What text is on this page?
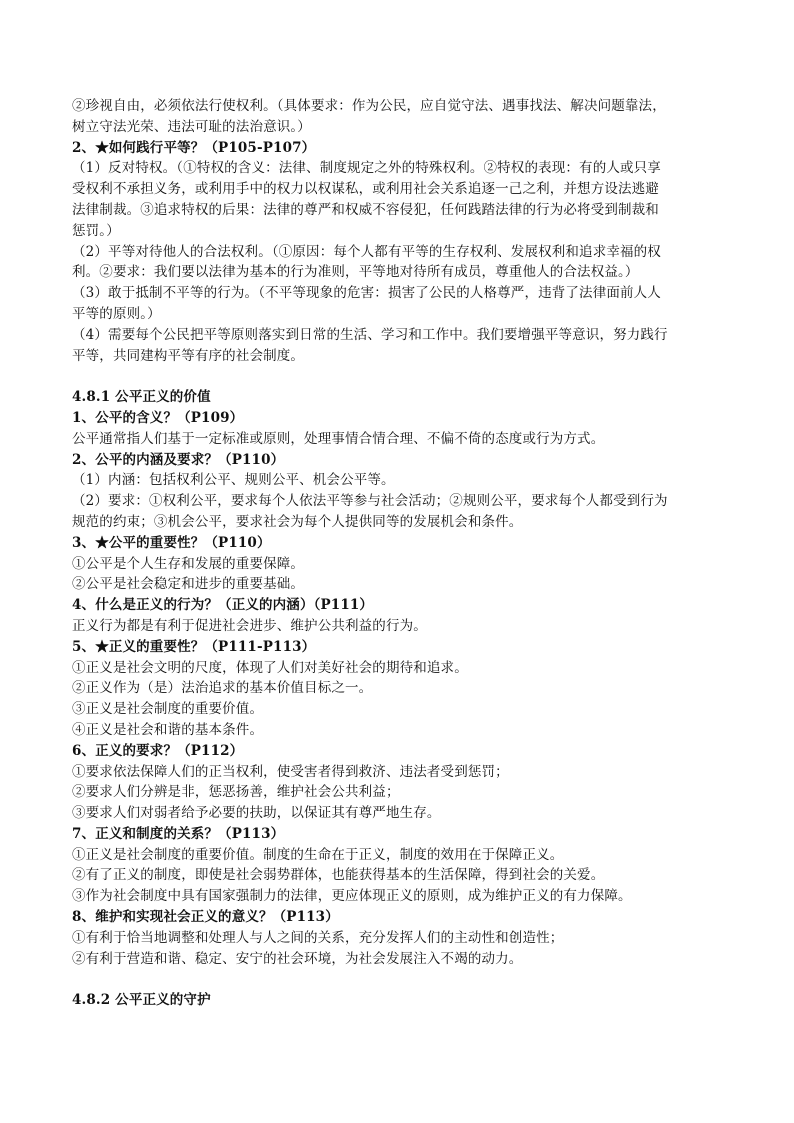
②珍视自由，必须依法行使权利。（具体要求：作为公民，应自觉守法、遇事找法、解决问题靠法，
树立守法光荣、违法可耻的法治意识。）
2、★如何践行平等？（P105-P107）
（1）反对特权。（①特权的含义：法律、制度规定之外的特殊权利。②特权的表现：有的人或只享
受权利不承担义务，或利用手中的权力以权谋私，或利用社会关系追逐一己之利，并想方设法逃避
法律制裁。③追求特权的后果：法律的尊严和权威不容侵犯，任何践踏法律的行为必将受到制裁和
惩罚。）
（2）平等对待他人的合法权利。（①原因：每个人都有平等的生存权利、发展权利和追求幸福的权
利。②要求：我们要以法律为基本的行为准则，平等地对待所有成员，尊重他人的合法权益。）
（3）敢于抵制不平等的行为。（不平等现象的危害：损害了公民的人格尊严，违背了法律面前人人
平等的原则。）
（4）需要每个公民把平等原则落实到日常的生活、学习和工作中。我们要增强平等意识，努力践行
平等，共同建构平等有序的社会制度。
4.8.1 公平正义的价值
1、公平的含义？（P109）
公平通常指人们基于一定标准或原则，处理事情合情合理、不偏不倚的态度或行为方式。
2、公平的内涵及要求？（P110）
（1）内涵：包括权利公平、规则公平、机会公平等。
（2）要求：①权利公平，要求每个人依法平等参与社会活动；②规则公平，要求每个人都受到行为
规范的约束；③机会公平，要求社会为每个人提供同等的发展机会和条件。
3、★公平的重要性？（P110）
①公平是个人生存和发展的重要保障。
②公平是社会稳定和进步的重要基础。
4、什么是正义的行为？（正义的内涵）（P111）
正义行为都是有利于促进社会进步、维护公共利益的行为。
5、★正义的重要性？（P111-P113）
①正义是社会文明的尺度，体现了人们对美好社会的期待和追求。
②正义作为（是）法治追求的基本价值目标之一。
③正义是社会制度的重要价值。
④正义是社会和谐的基本条件。
6、正义的要求？（P112）
①要求依法保障人们的正当权利，使受害者得到救济、违法者受到惩罚；
②要求人们分辨是非，惩恶扬善，维护社会公共利益；
③要求人们对弱者给予必要的扶助，以保证其有尊严地生存。
7、正义和制度的关系？（P113）
①正义是社会制度的重要价值。制度的生命在于正义，制度的效用在于保障正义。
②有了正义的制度，即使是社会弱势群体，也能获得基本的生活保障，得到社会的关爱。
③作为社会制度中具有国家强制力的法律，更应体现正义的原则，成为维护正义的有力保障。
8、维护和实现社会正义的意义？（P113）
①有利于恰当地调整和处理人与人之间的关系，充分发挥人们的主动性和创造性；
②有利于营造和谐、稳定、安宁的社会环境，为社会发展注入不竭的动力。
4.8.2 公平正义的守护
